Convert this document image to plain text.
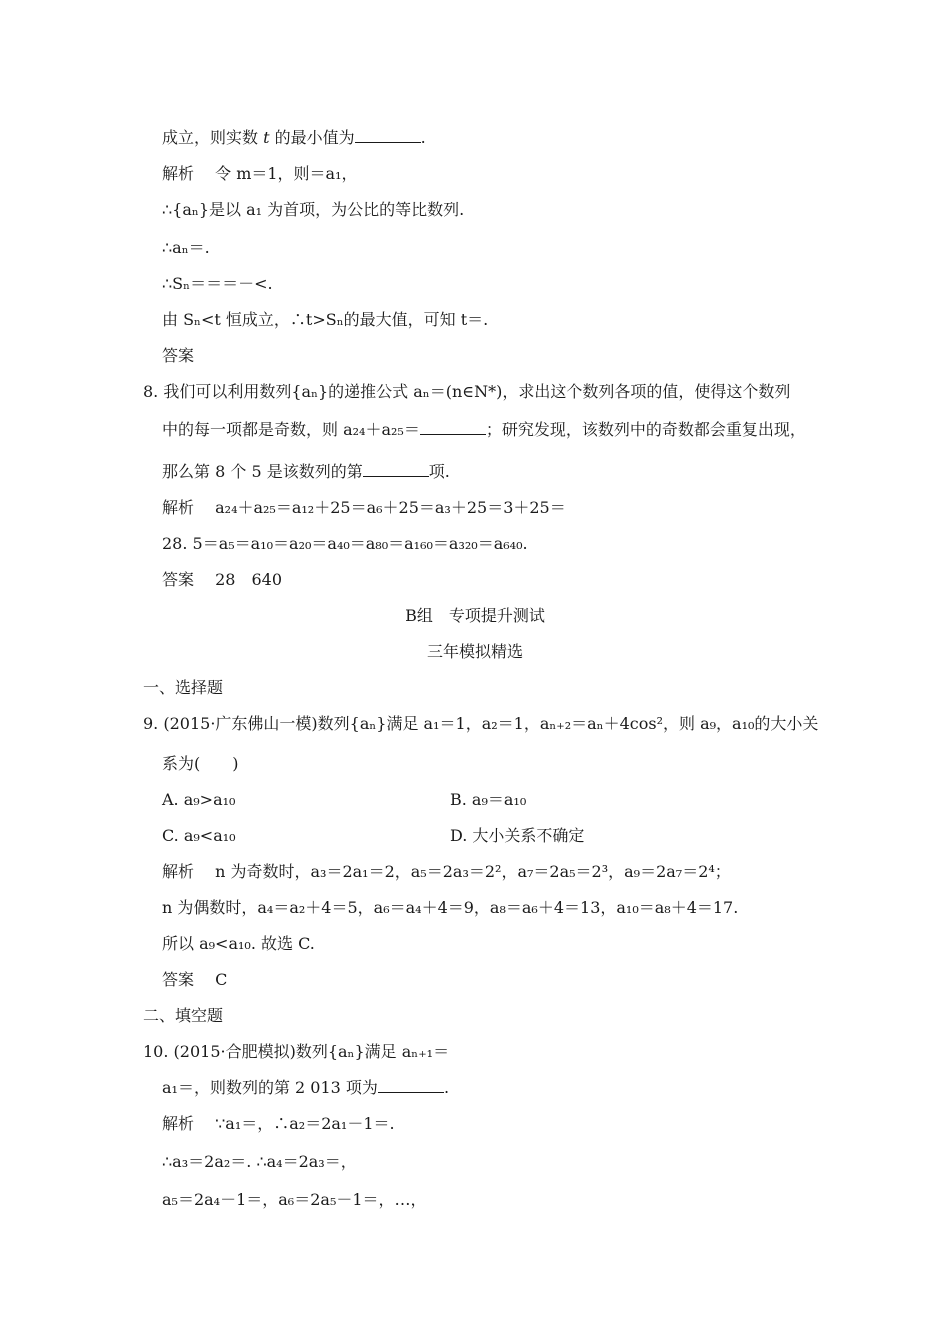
成立，则实数 t 的最小值为	.
解析 令 m＝1，则＝a₁，
∴{aₙ}是以 a₁ 为首项，为公比的等比数列.
∴aₙ＝.
∴Sₙ＝＝＝－<.
由 Sₙ<t 恒成立，∴t>Sₙ的最大值，可知 t＝.
答案
8. 我们可以利用数列{aₙ}的递推公式 aₙ＝(n∈N*)，求出这个数列各项的值，使得这个数列
中的每一项都是奇数，则 a₂₄＋a₂₅＝	；研究发现，该数列中的奇数都会重复出现，
那么第 8 个 5 是该数列的第	项.
解析 a₂₄＋a₂₅＝a₁₂＋25＝a₆＋25＝a₃＋25＝3＋25＝
28. 5＝a₅＝a₁₀＝a₂₀＝a₄₀＝a₈₀＝a₁₆₀＝a₃₂₀＝a₆₄₀.
答案 28　640
B组　专项提升测试
三年模拟精选
一、选择题
9. (2015·广东佛山一模)数列{aₙ}满足 a₁＝1，a₂＝1，aₙ₊₂＝aₙ＋4cos²，则 a₉，a₁₀的大小关
系为(　　)
A. a₉>a₁₀	B. a₉＝a₁₀
C. a₉<a₁₀	D. 大小关系不确定
解析 n 为奇数时，a₃＝2a₁＝2，a₅＝2a₃＝2²，a₇＝2a₅＝2³，a₉＝2a₇＝2⁴；
n 为偶数时，a₄＝a₂＋4＝5，a₆＝a₄＋4＝9，a₈＝a₆＋4＝13，a₁₀＝a₈＋4＝17.
所以 a₉<a₁₀. 故选 C.
答案 C
二、填空题
10. (2015·合肥模拟)数列{aₙ}满足 aₙ₊₁＝
a₁＝，则数列的第 2 013 项为	.
解析 ∵a₁＝，∴a₂＝2a₁－1＝.
∴a₃＝2a₂＝. ∴a₄＝2a₃＝，
a₅＝2a₄－1＝，a₆＝2a₅－1＝，…，
